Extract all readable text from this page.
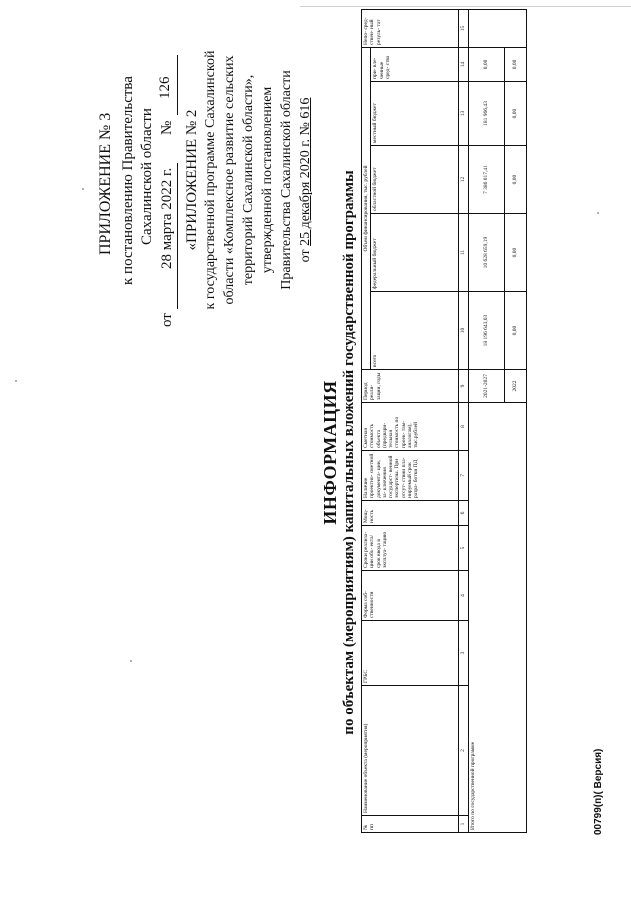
ПРИЛОЖЕНИЕ № 3 к постановлению Правительства Сахалинской области
от
28 марта 2022 г.
№
126
«ПРИЛОЖЕНИЕ № 2 к государственной программе Сахалинской области «Комплексное развитие сельских территорий Сахалинской области», утвержденной постановлением Правительства Сахалинской области от 25 декабря 2020 г. № 616
ИНФОРМАЦИЯ по объектам (мероприятиям) капитальных вложений государственной программы
№ пп	Наименование объекта (мероприятия)	ГРБС	Форма соб- ственности	Сроки реализа- ции объ- екта/срок ввода в эксплуа- тацию	Мощ- ность	Наличие проектно- сметной документа- ции, за- ключения государст- венной экспертизы. При отсут- ствии пла- нируемый срок разра- ботки ПД	Сметная стоимость объекта (предвари- тельная стоимость по проек- там- аналогам), тыс.рублей	Период реали- зации, годы	Объем финансирования, тыс. рублей					Непо- сред- ствен- ный резуль- тат
									всего	федеральный бюджет	областной бюджет	местный бюджет	при- вле- ченные сред- ства	
1	2	3	4	5	6	7	8	9	10	11	12	13	14	15
Итого по государственной программе								2021-2027	18 196 643,03	10 628 659,19	7 386 017,41	181 966,43	0,00	
								2022	0,00	0,00	0,00	0,00	0,00	
00799(п)( Версия)
